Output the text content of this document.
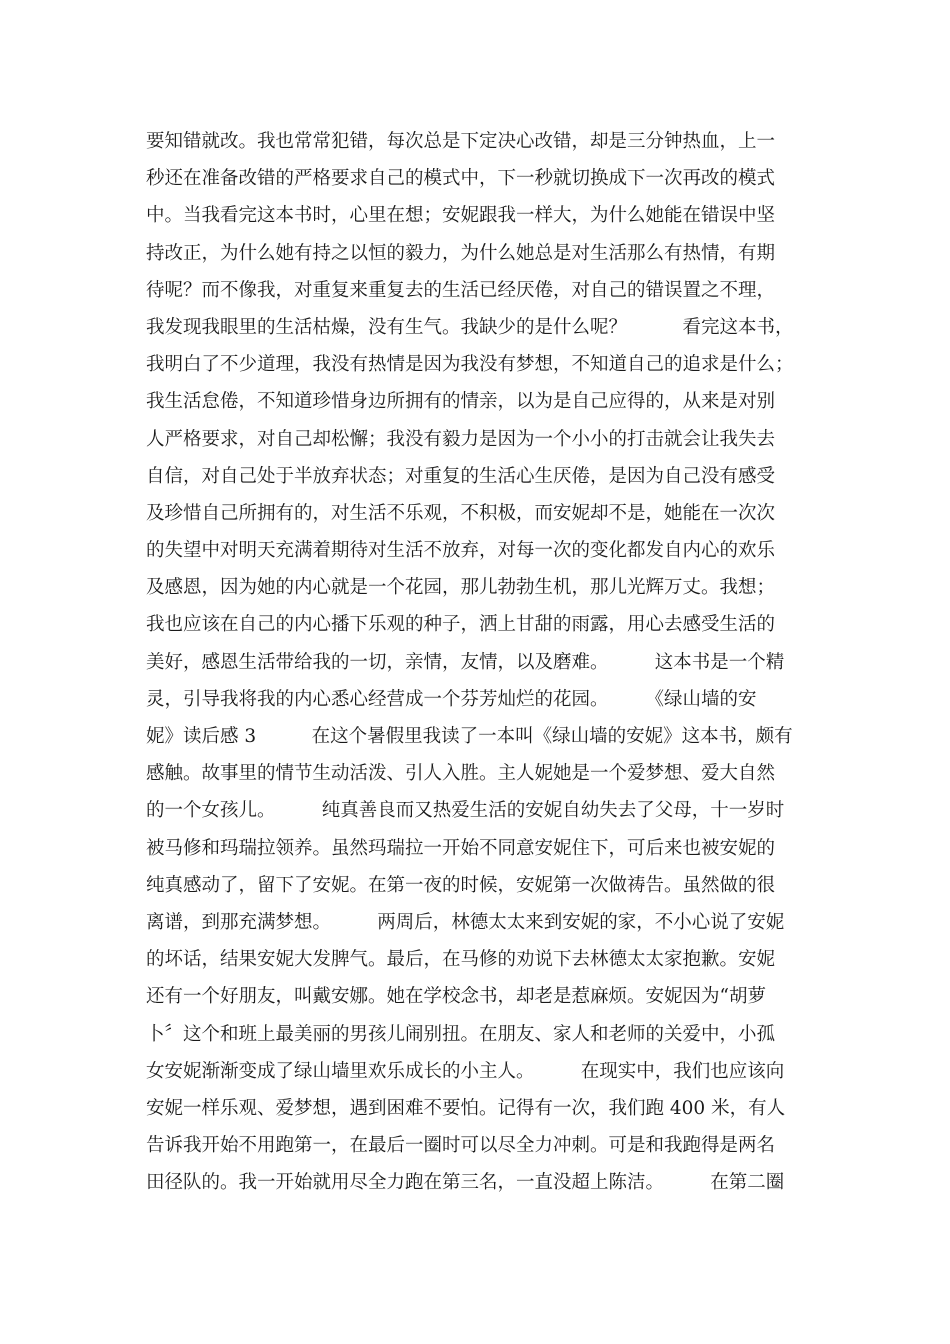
要知错就改。我也常常犯错，每次总是下定决心改错，却是三分钟热血，上一
秒还在准备改错的严格要求自己的模式中，下一秒就切换成下一次再改的模式
中。当我看完这本书时，心里在想；安妮跟我一样大，为什么她能在错误中坚
持改正，为什么她有持之以恒的毅力，为什么她总是对生活那么有热情，有期
待呢？而不像我，对重复来重复去的生活已经厌倦，对自己的错误置之不理，
我发现我眼里的生活枯燥，没有生气。我缺少的是什么呢？　　　看完这本书，
我明白了不少道理，我没有热情是因为我没有梦想，不知道自己的追求是什么；
我生活怠倦，不知道珍惜身边所拥有的情亲，以为是自己应得的，从来是对别
人严格要求，对自己却松懈；我没有毅力是因为一个小小的打击就会让我失去
自信，对自己处于半放弃状态；对重复的生活心生厌倦，是因为自己没有感受
及珍惜自己所拥有的，对生活不乐观，不积极，而安妮却不是，她能在一次次
的失望中对明天充满着期待对生活不放弃，对每一次的变化都发自内心的欢乐
及感恩，因为她的内心就是一个花园，那儿勃勃生机，那儿光辉万丈。我想；
我也应该在自己的内心播下乐观的种子，洒上甘甜的雨露，用心去感受生活的
美好，感恩生活带给我的一切，亲情，友情，以及磨难。　　　这本书是一个精
灵，引导我将我的内心悉心经营成一个芬芳灿烂的花园。　　　《绿山墙的安
妮》读后感 3　　　在这个暑假里我读了一本叫《绿山墙的安妮》这本书，颇有
感触。故事里的情节生动活泼、引人入胜。主人妮她是一个爱梦想、爱大自然
的一个女孩儿。　　　纯真善良而又热爱生活的安妮自幼失去了父母，十一岁时
被马修和玛瑞拉领养。虽然玛瑞拉一开始不同意安妮住下，可后来也被安妮的
纯真感动了，留下了安妮。在第一夜的时候，安妮第一次做祷告。虽然做的很
离谱，到那充满梦想。　　　两周后，林德太太来到安妮的家，不小心说了安妮
的坏话，结果安妮大发脾气。最后，在马修的劝说下去林德太太家抱歉。安妮
还有一个好朋友，叫戴安娜。她在学校念书，却老是惹麻烦。安妮因为“胡萝
卜〞这个和班上最美丽的男孩儿闹别扭。在朋友、家人和老师的关爱中，小孤
女安妮渐渐变成了绿山墙里欢乐成长的小主人。　　　在现实中，我们也应该向
安妮一样乐观、爱梦想，遇到困难不要怕。记得有一次，我们跑 400 米，有人
告诉我开始不用跑第一，在最后一圈时可以尽全力冲刺。可是和我跑得是两名
田径队的。我一开始就用尽全力跑在第三名，一直没超上陈洁。　　　在第二圈
